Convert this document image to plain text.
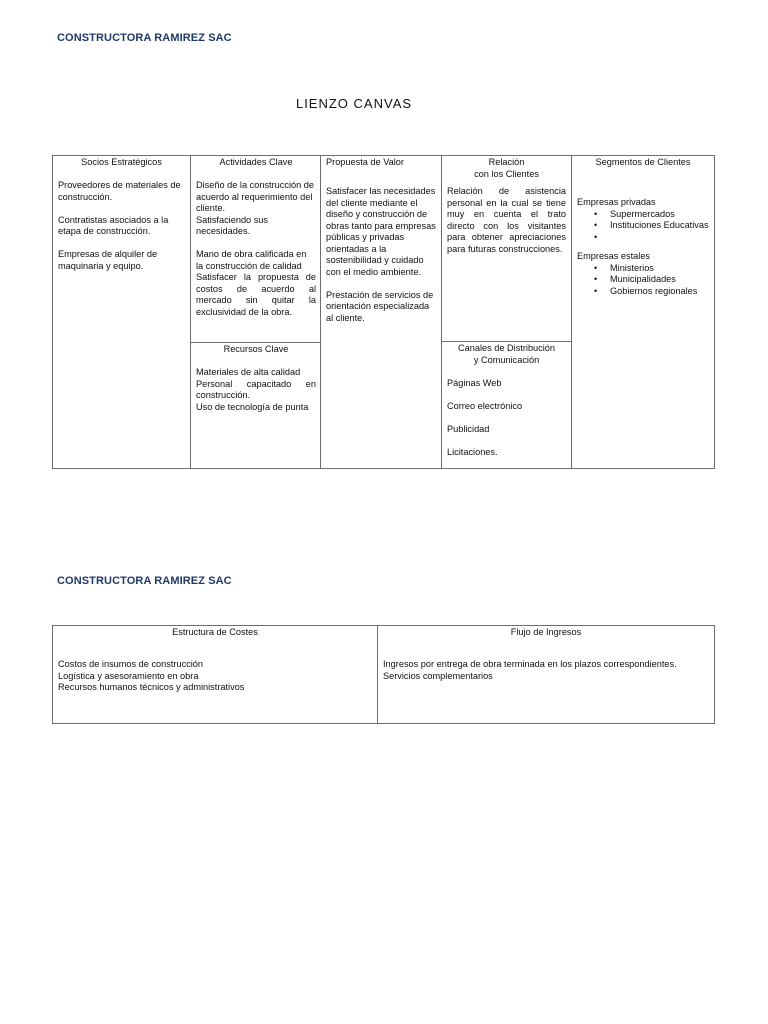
CONSTRUCTORA RAMIREZ SAC
LIENZO CANVAS
Socios Estratégicos
Proveedores de materiales de construcción.
Contratistas asociados a la etapa de construcción.
Empresas de alquiler de maquinaria y equipo.
Actividades Clave
Diseño de la construcción de acuerdo al requerimiento del cliente.
Satisfaciendo sus necesidades.
Mano de obra calificada en la construcción de calidad
Satisfacer la propuesta de costos de acuerdo al mercado sin quitar la exclusividad de la obra.
Recursos Clave
Materiales de alta calidad
Personal capacitado en construcción.
Uso de tecnología de punta
Propuesta de Valor
Satisfacer las necesidades del cliente mediante el diseño y construcción de obras tanto para empresas públicas y privadas orientadas a la sostenibilidad y cuidado con el medio ambiente.
Prestación de servicios de orientación especializada al cliente.
Relación
con los Clientes
Relación de asistencia personal en la cual se tiene muy en cuenta el trato directo con los visitantes para obtener apreciaciones para futuras construcciones.
Canales de Distribución
y Comunicación
Páginas Web
Correo electrónico
Publicidad
Licitaciones.
Segmentos de Clientes
Empresas privadas
• Supermercados
• Instituciones Educativas
•
Empresas estales
• Ministerios
• Municipalidades
• Gobiernos regionales
CONSTRUCTORA RAMIREZ SAC
Estructura de Costes
Costos de insumos de construcción
Logística y asesoramiento en obra
Recursos humanos técnicos y administrativos
Flujo de Ingresos
Ingresos por entrega de obra terminada en los plazos correspondientes.
Servicios complementarios
